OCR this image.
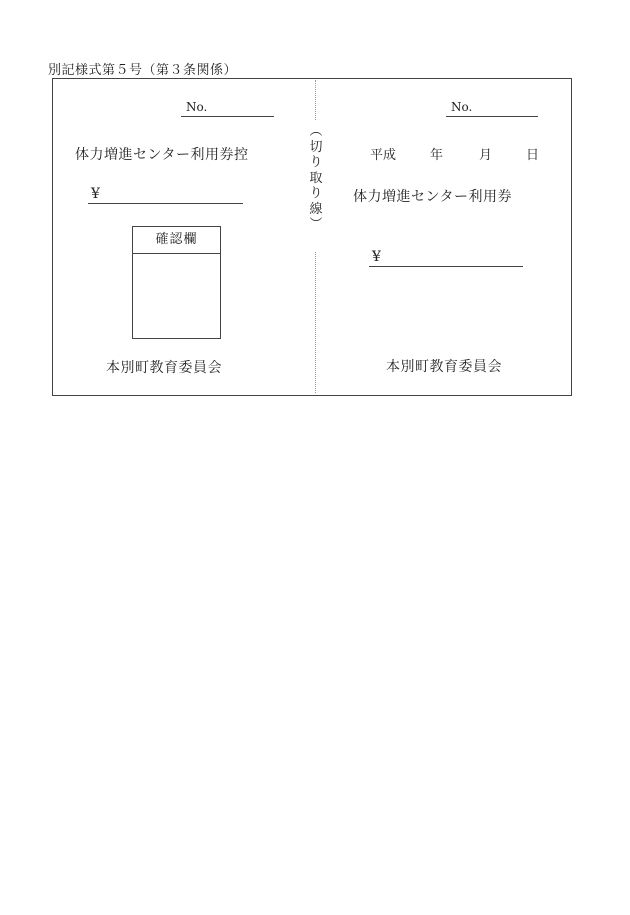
別記様式第５号（第３条関係）
︵
切
り
取
り
線
︶
No.
体力増進センター利用券控
¥
確認欄
本別町教育委員会
No.
平成	年	月	日
体力増進センター利用券
¥
本別町教育委員会
